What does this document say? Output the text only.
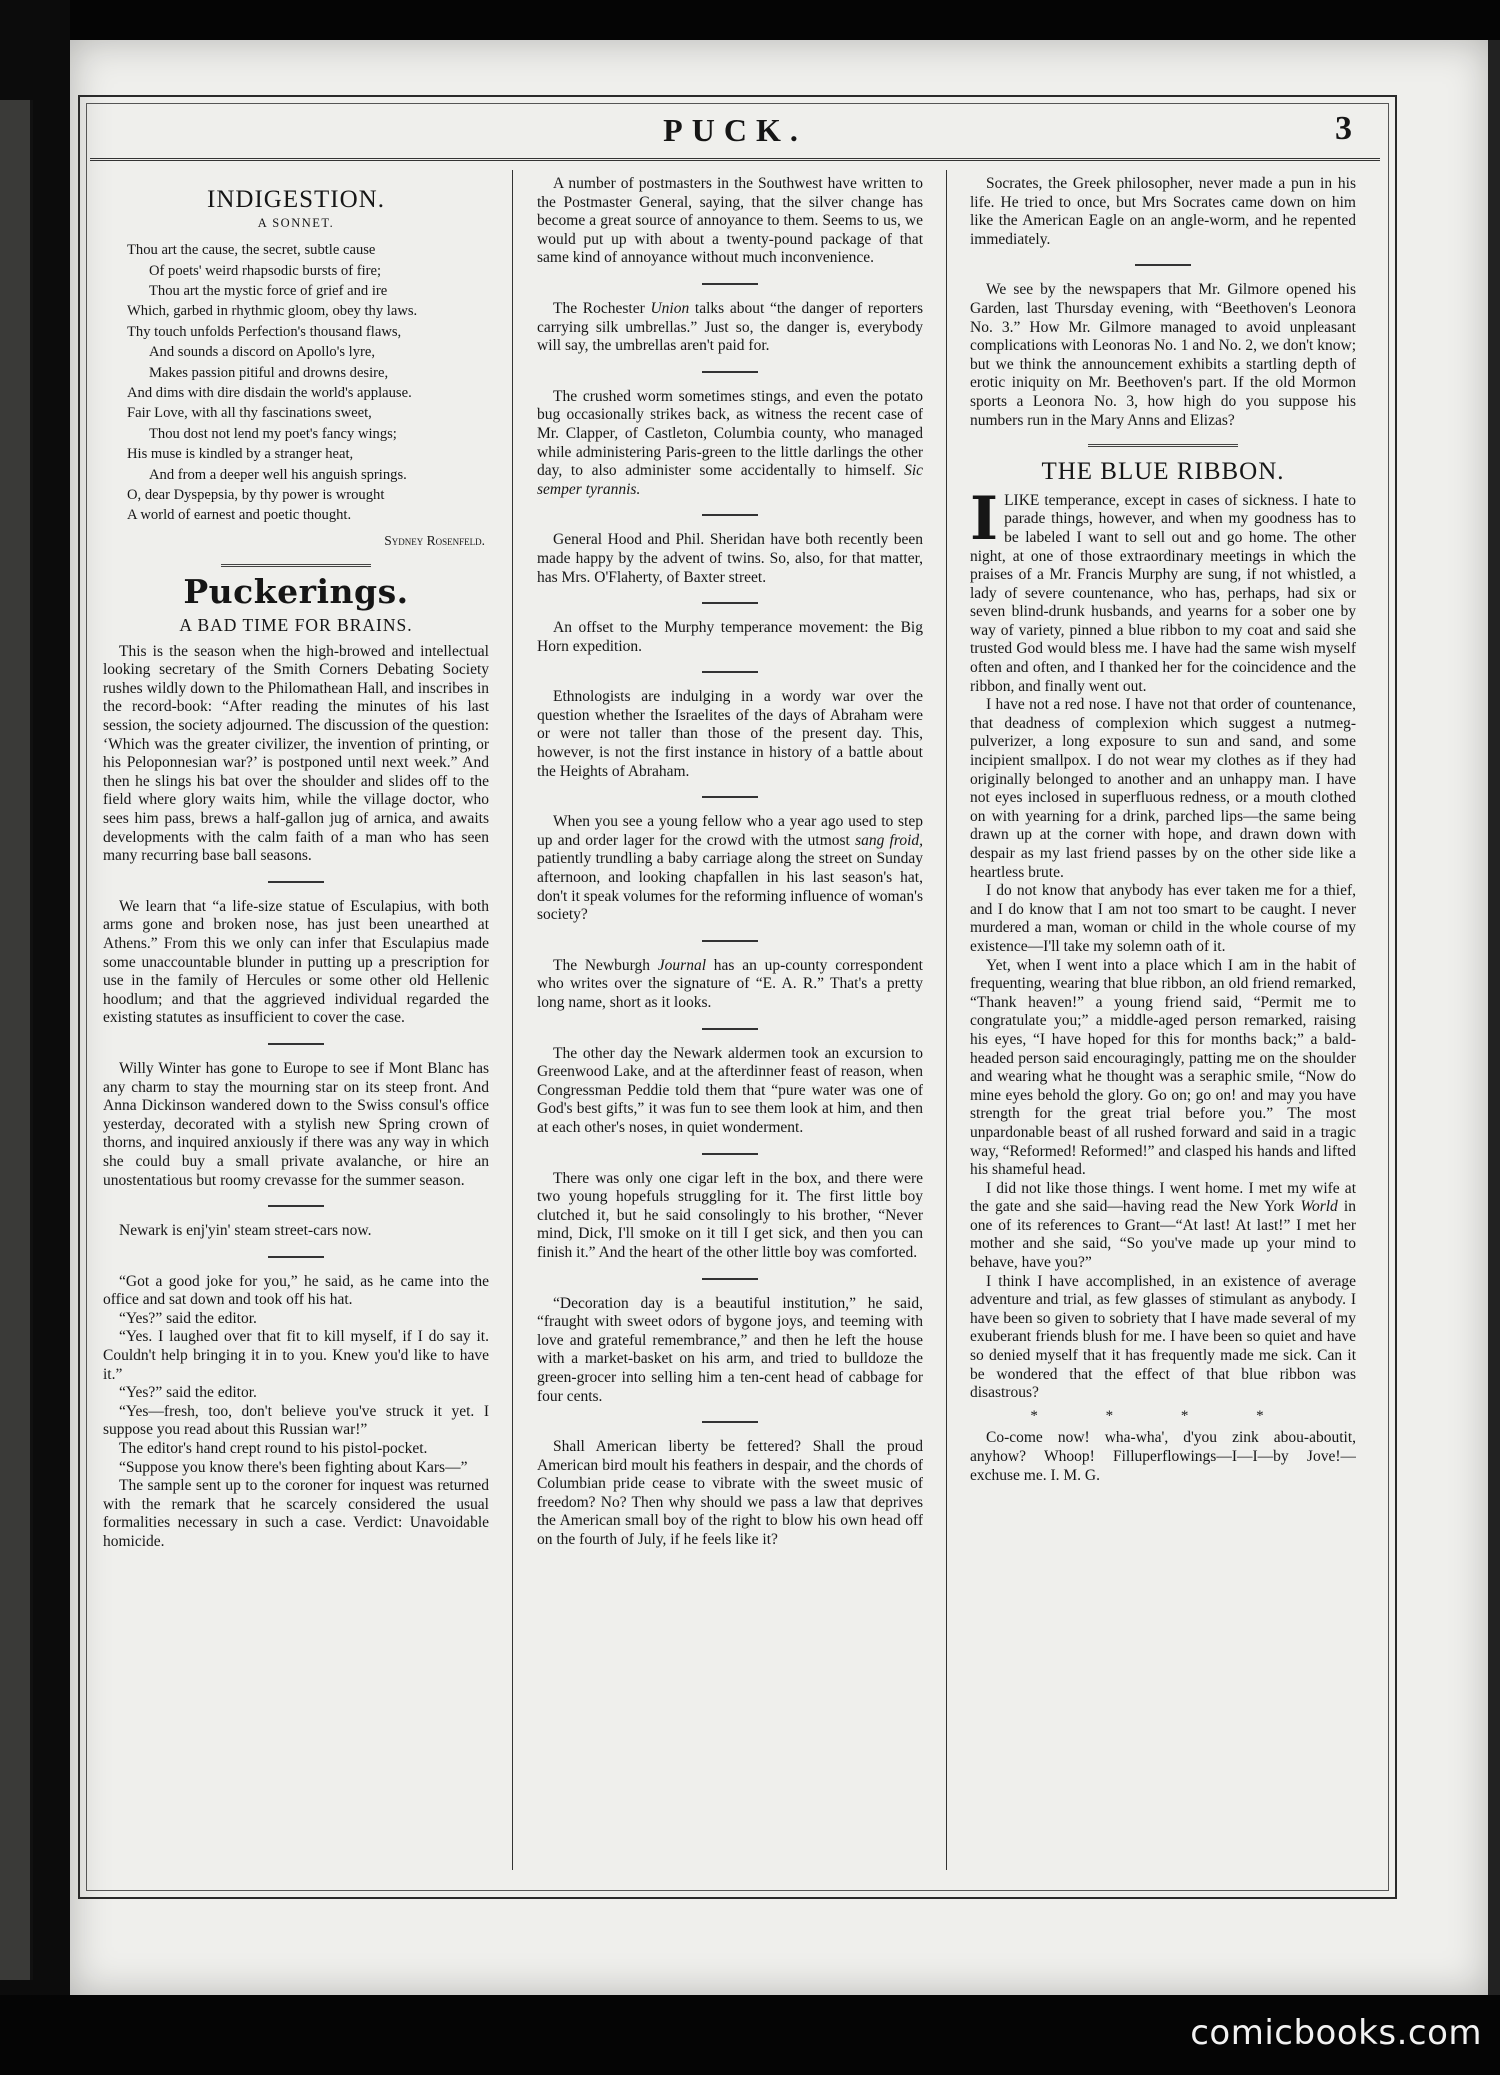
comicbooks.com
PUCK.	3
INDIGESTION.
A SONNET.
Thou art the cause, the secret, subtle cause
Of poets' weird rhapsodic bursts of fire;
Thou art the mystic force of grief and ire
Which, garbed in rhythmic gloom, obey thy laws.
Thy touch unfolds Perfection's thousand flaws,
And sounds a discord on Apollo's lyre,
Makes passion pitiful and drowns desire,
And dims with dire disdain the world's applause.
Fair Love, with all thy fascinations sweet,
Thou dost not lend my poet's fancy wings;
His muse is kindled by a stranger heat,
And from a deeper well his anguish springs.
O, dear Dyspepsia, by thy power is wrought
A world of earnest and poetic thought.
Sydney Rosenfeld.
Puckerings.
A BAD TIME FOR BRAINS.

This is the season when the high-browed and intellectual looking secretary of the Smith Corners Debating Society rushes wildly down to the Philomathean Hall, and inscribes in the record-book: “After reading the minutes of his last session, the society adjourned. The discussion of the question: ‘Which was the greater civilizer, the invention of printing, or his Peloponnesian war?’ is postponed until next week.” And then he slings his bat over the shoulder and slides off to the field where glory waits him, while the village doctor, who sees him pass, brews a half-gallon jug of arnica, and awaits developments with the calm faith of a man who has seen many recurring base ball seasons.

We learn that “a life-size statue of Esculapius, with both arms gone and broken nose, has just been unearthed at Athens.” From this we only can infer that Esculapius made some unaccountable blunder in putting up a prescription for use in the family of Hercules or some other old Hellenic hoodlum; and that the aggrieved individual regarded the existing statutes as insufficient to cover the case.

Willy Winter has gone to Europe to see if Mont Blanc has any charm to stay the mourning star on its steep front. And Anna Dickinson wandered down to the Swiss consul's office yesterday, decorated with a stylish new Spring crown of thorns, and inquired anxiously if there was any way in which she could buy a small private avalanche, or hire an unostentatious but roomy crevasse for the summer season.

Newark is enj'yin' steam street-cars now.

“Got a good joke for you,” he said, as he came into the office and sat down and took off his hat.

“Yes?” said the editor.

“Yes. I laughed over that fit to kill myself, if I do say it. Couldn't help bringing it in to you. Knew you'd like to have it.”

“Yes?” said the editor.

“Yes—fresh, too, don't believe you've struck it yet. I suppose you read about this Russian war!”

The editor's hand crept round to his pistol-pocket.

“Suppose you know there's been fighting about Kars—”

The sample sent up to the coroner for inquest was returned with the remark that he scarcely considered the usual formalities necessary in such a case. Verdict: Unavoidable homicide.

A number of postmasters in the Southwest have written to the Postmaster General, saying, that the silver change has become a great source of annoyance to them. Seems to us, we would put up with about a twenty-pound package of that same kind of annoyance without much inconvenience.

The Rochester Union talks about “the danger of reporters carrying silk umbrellas.” Just so, the danger is, everybody will say, the umbrellas aren't paid for.

The crushed worm sometimes stings, and even the potato bug occasionally strikes back, as witness the recent case of Mr. Clapper, of Castleton, Columbia county, who managed while administering Paris-green to the little darlings the other day, to also administer some accidentally to himself. Sic semper tyrannis.

General Hood and Phil. Sheridan have both recently been made happy by the advent of twins. So, also, for that matter, has Mrs. O'Flaherty, of Baxter street.

An offset to the Murphy temperance movement: the Big Horn expedition.

Ethnologists are indulging in a wordy war over the question whether the Israelites of the days of Abraham were or were not taller than those of the present day. This, however, is not the first instance in history of a battle about the Heights of Abraham.

When you see a young fellow who a year ago used to step up and order lager for the crowd with the utmost sang froid, patiently trundling a baby carriage along the street on Sunday afternoon, and looking chapfallen in his last season's hat, don't it speak volumes for the reforming influence of woman's society?

The Newburgh Journal has an up-county correspondent who writes over the signature of “E. A. R.” That's a pretty long name, short as it looks.

The other day the Newark aldermen took an excursion to Greenwood Lake, and at the afterdinner feast of reason, when Congressman Peddie told them that “pure water was one of God's best gifts,” it was fun to see them look at him, and then at each other's noses, in quiet wonderment.

There was only one cigar left in the box, and there were two young hopefuls struggling for it. The first little boy clutched it, but he said consolingly to his brother, “Never mind, Dick, I'll smoke on it till I get sick, and then you can finish it.” And the heart of the other little boy was comforted.

“Decoration day is a beautiful institution,” he said, “fraught with sweet odors of bygone joys, and teeming with love and grateful remembrance,” and then he left the house with a market-basket on his arm, and tried to bulldoze the green-grocer into selling him a ten-cent head of cabbage for four cents.

Shall American liberty be fettered? Shall the proud American bird moult his feathers in despair, and the chords of Columbian pride cease to vibrate with the sweet music of freedom? No? Then why should we pass a law that deprives the American small boy of the right to blow his own head off on the fourth of July, if he feels like it?

Socrates, the Greek philosopher, never made a pun in his life. He tried to once, but Mrs Socrates came down on him like the American Eagle on an angle-worm, and he repented immediately.

We see by the newspapers that Mr. Gilmore opened his Garden, last Thursday evening, with “Beethoven's Leonora No. 3.” How Mr. Gilmore managed to avoid unpleasant complications with Leonoras No. 1 and No. 2, we don't know; but we think the announcement exhibits a startling depth of erotic iniquity on Mr. Beethoven's part. If the old Mormon sports a Leonora No. 3, how high do you suppose his numbers run in the Mary Anns and Elizas?

THE BLUE RIBBON.

ILIKE temperance, except in cases of sickness. I hate to parade things, however, and when my goodness has to be labeled I want to sell out and go home. The other night, at one of those extraordinary meetings in which the praises of a Mr. Francis Murphy are sung, if not whistled, a lady of severe countenance, who has, perhaps, had six or seven blind-drunk husbands, and yearns for a sober one by way of variety, pinned a blue ribbon to my coat and said she trusted God would bless me. I have had the same wish myself often and often, and I thanked her for the coincidence and the ribbon, and finally went out.

I have not a red nose. I have not that order of countenance, that deadness of complexion which suggest a nutmeg-pulverizer, a long exposure to sun and sand, and some incipient smallpox. I do not wear my clothes as if they had originally belonged to another and an unhappy man. I have not eyes inclosed in superfluous redness, or a mouth clothed on with yearning for a drink, parched lips—the same being drawn up at the corner with hope, and drawn down with despair as my last friend passes by on the other side like a heartless brute.

I do not know that anybody has ever taken me for a thief, and I do know that I am not too smart to be caught. I never murdered a man, woman or child in the whole course of my existence—I'll take my solemn oath of it.

Yet, when I went into a place which I am in the habit of frequenting, wearing that blue ribbon, an old friend remarked, “Thank heaven!” a young friend said, “Permit me to congratulate you;” a middle-aged person remarked, raising his eyes, “I have hoped for this for months back;” a bald-headed person said encouragingly, patting me on the shoulder and wearing what he thought was a seraphic smile, “Now do mine eyes behold the glory. Go on; go on! and may you have strength for the great trial before you.” The most unpardonable beast of all rushed forward and said in a tragic way, “Reformed! Reformed!” and clasped his hands and lifted his shameful head.

I did not like those things. I went home. I met my wife at the gate and she said—having read the New York World in one of its references to Grant—“At last! At last!” I met her mother and she said, “So you've made up your mind to behave, have you?”

I think I have accomplished, in an existence of average adventure and trial, as few glasses of stimulant as anybody. I have been so given to sobriety that I have made several of my exuberant friends blush for me. I have been so quiet and have so denied myself that it has frequently made me sick. Can it be wondered that the effect of that blue ribbon was disastrous?

* * * *

Co-come now! wha-wha', d'you zink abou-aboutit, anyhow? Whoop! Filluperflowings—I—I—by Jove!—exchuse me. I. M. G.
